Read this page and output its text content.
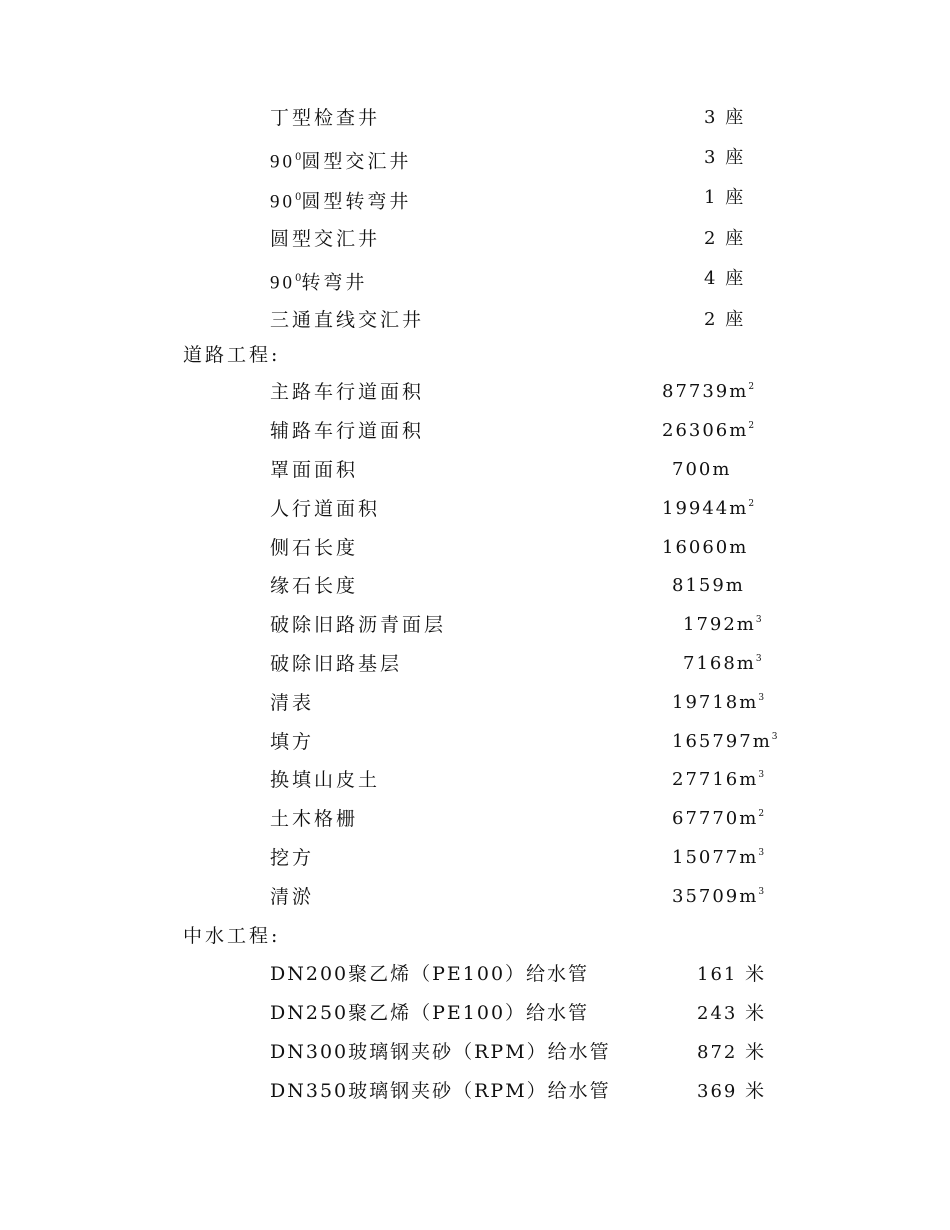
丁型检查井	3 座
$90^0$圆型交汇井	3 座
$90^0$圆型转弯井	1 座
圆型交汇井	2 座
$90^0$转弯井	4 座
三通直线交汇井	2 座
道路工程:
主路车行道面积	$87739m^2$
辅路车行道面积	$26306m^2$
罩面面积	700m
人行道面积	$19944m^2$
侧石长度	16060m
缘石长度	8159m
破除旧路沥青面层	$1792m^3$
破除旧路基层	$7168m^3$
清表	$19718m^3$
填方	$165797m^3$
换填山皮土	$27716m^3$
土木格栅	$67770m^2$
挖方	$15077m^3$
清淤	$35709m^3$
中水工程:
DN200聚乙烯（PE100）给水管	161 米
DN250聚乙烯（PE100）给水管	243 米
DN300玻璃钢夹砂（RPM）给水管	872 米
DN350玻璃钢夹砂（RPM）给水管	369 米
